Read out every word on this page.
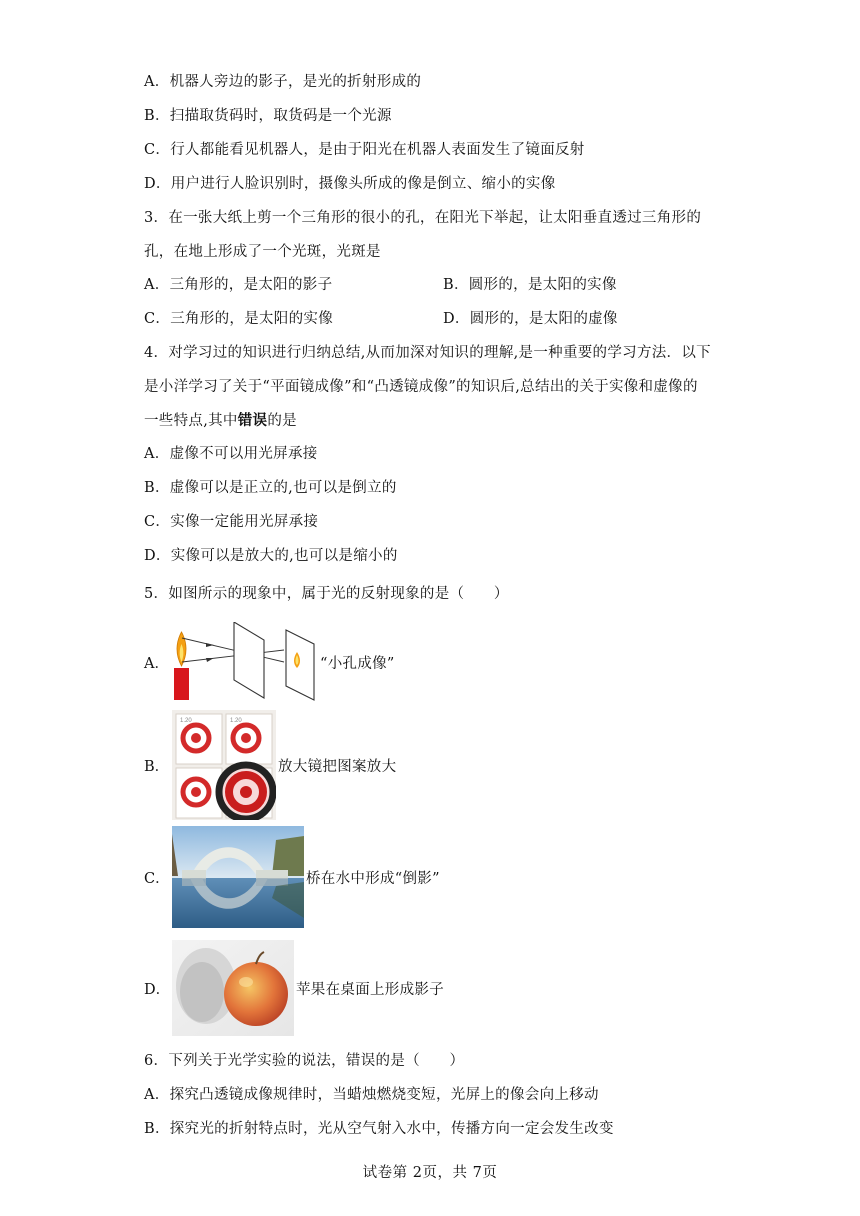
A．机器人旁边的影子，是光的折射形成的
B．扫描取货码时，取货码是一个光源
C．行人都能看见机器人，是由于阳光在机器人表面发生了镜面反射
D．用户进行人脸识别时，摄像头所成的像是倒立、缩小的实像
3．在一张大纸上剪一个三角形的很小的孔，在阳光下举起，让太阳垂直透过三角形的
孔，在地上形成了一个光斑，光斑是
A．三角形的，是太阳的影子	B．圆形的，是太阳的实像
C．三角形的，是太阳的实像	D．圆形的，是太阳的虚像
4．对学习过的知识进行归纳总结,从而加深对知识的理解,是一种重要的学习方法．以下
是小洋学习了关于“平面镜成像”和“凸透镜成像”的知识后,总结出的关于实像和虚像的
一些特点,其中错误的是
A．虚像不可以用光屏承接
B．虚像可以是正立的,也可以是倒立的
C．实像一定能用光屏承接
D．实像可以是放大的,也可以是缩小的
5．如图所示的现象中，属于光的反射现象的是（　　）
A．	“小孔成像”
B．
1.20	1.20
放大镜把图案放大
C．	桥在水中形成“倒影”
D．	苹果在桌面上形成影子
6．下列关于光学实验的说法，错误的是（　　）
A．探究凸透镜成像规律时，当蜡烛燃烧变短，光屏上的像会向上移动
B．探究光的折射特点时，光从空气射入水中，传播方向一定会发生改变
试卷第 2页，共 7页
